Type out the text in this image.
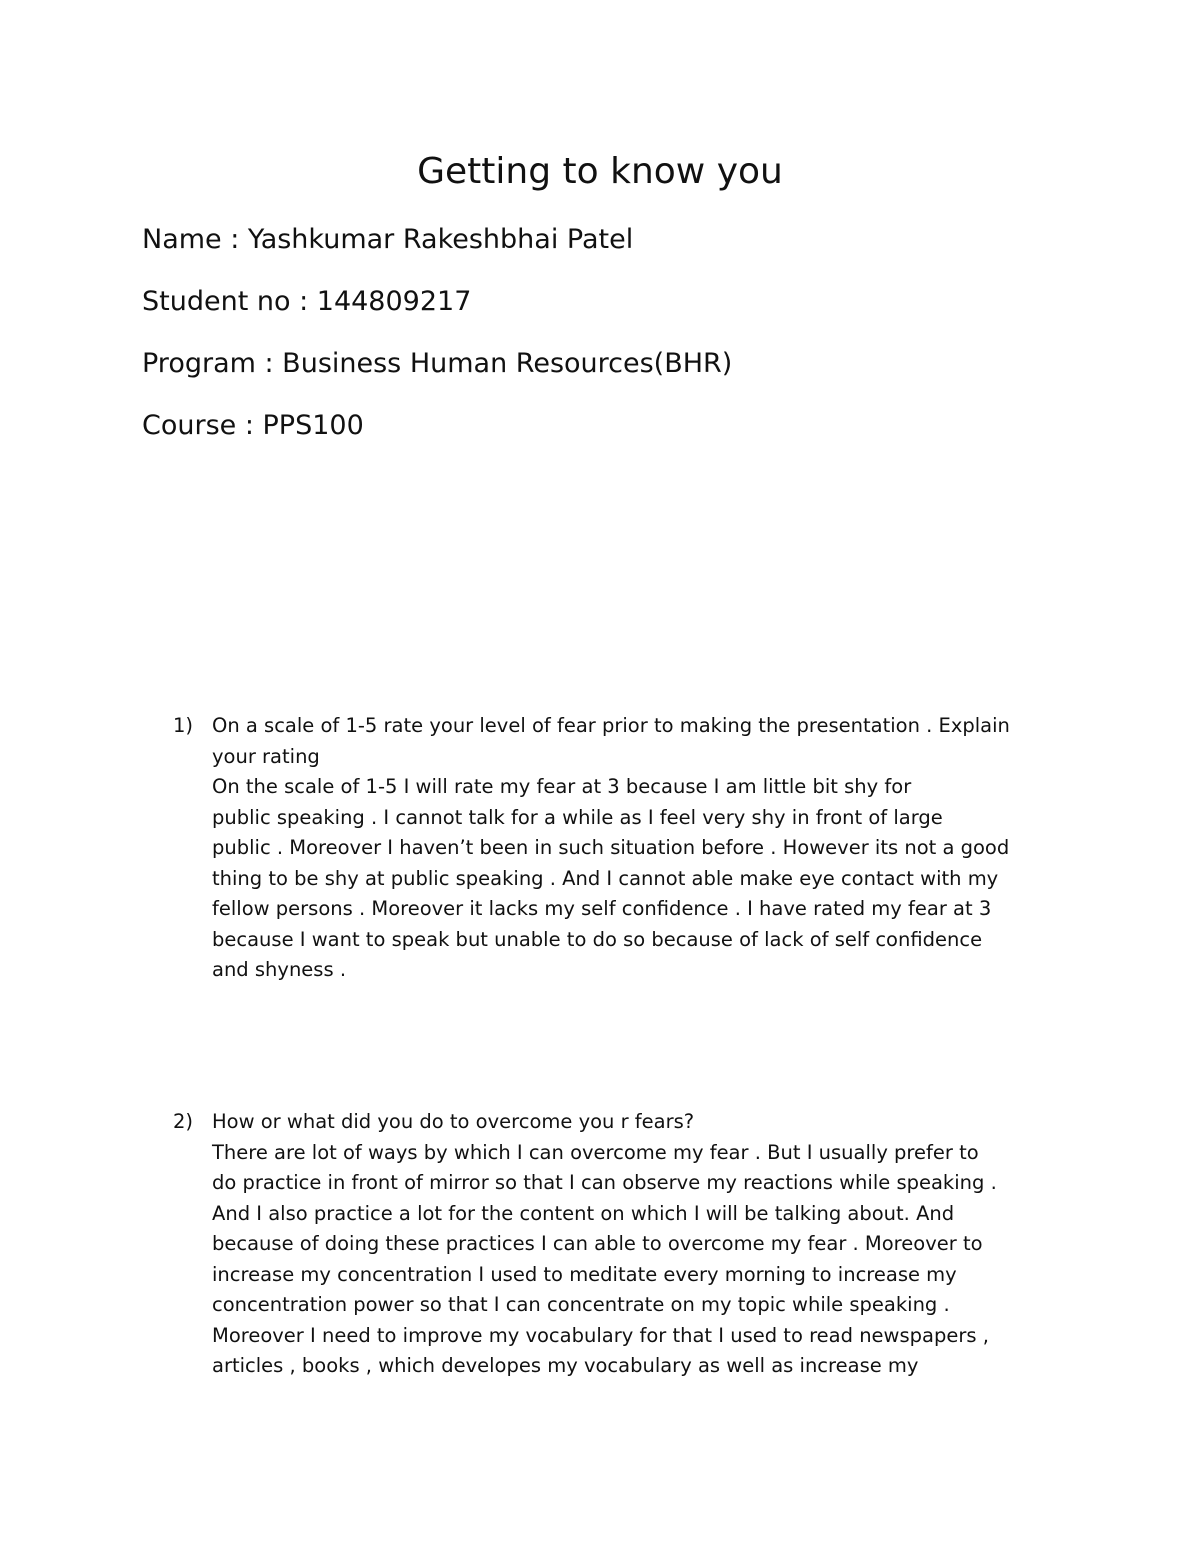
Getting to know you
Name : Yashkumar Rakeshbhai Patel
Student no : 144809217
Program : Business Human Resources(BHR)
Course : PPS100
1) On a scale of 1-5 rate your level of fear prior to making the presentation . Explain
your rating
On the scale of 1-5 I will rate my fear at 3 because I am little bit shy for
public speaking . I cannot talk for a while as I feel very shy in front of large
public . Moreover I haven’t been in such situation before . However its not a good
thing to be shy at public speaking . And I cannot able make eye contact with my
fellow persons . Moreover it lacks my self confidence . I have rated my fear at 3
because I want to speak but unable to do so because of lack of self confidence
and shyness .
2) How or what did you do to overcome you r fears?
There are lot of ways by which I can overcome my fear . But I usually prefer to
do practice in front of mirror so that I can observe my reactions while speaking .
And I also practice a lot for the content on which I will be talking about. And
because of doing these practices I can able to overcome my fear . Moreover to
increase my concentration I used to meditate every morning to increase my
concentration power so that I can concentrate on my topic while speaking .
Moreover I need to improve my vocabulary for that I used to read newspapers ,
articles , books , which developes my vocabulary as well as increase my
